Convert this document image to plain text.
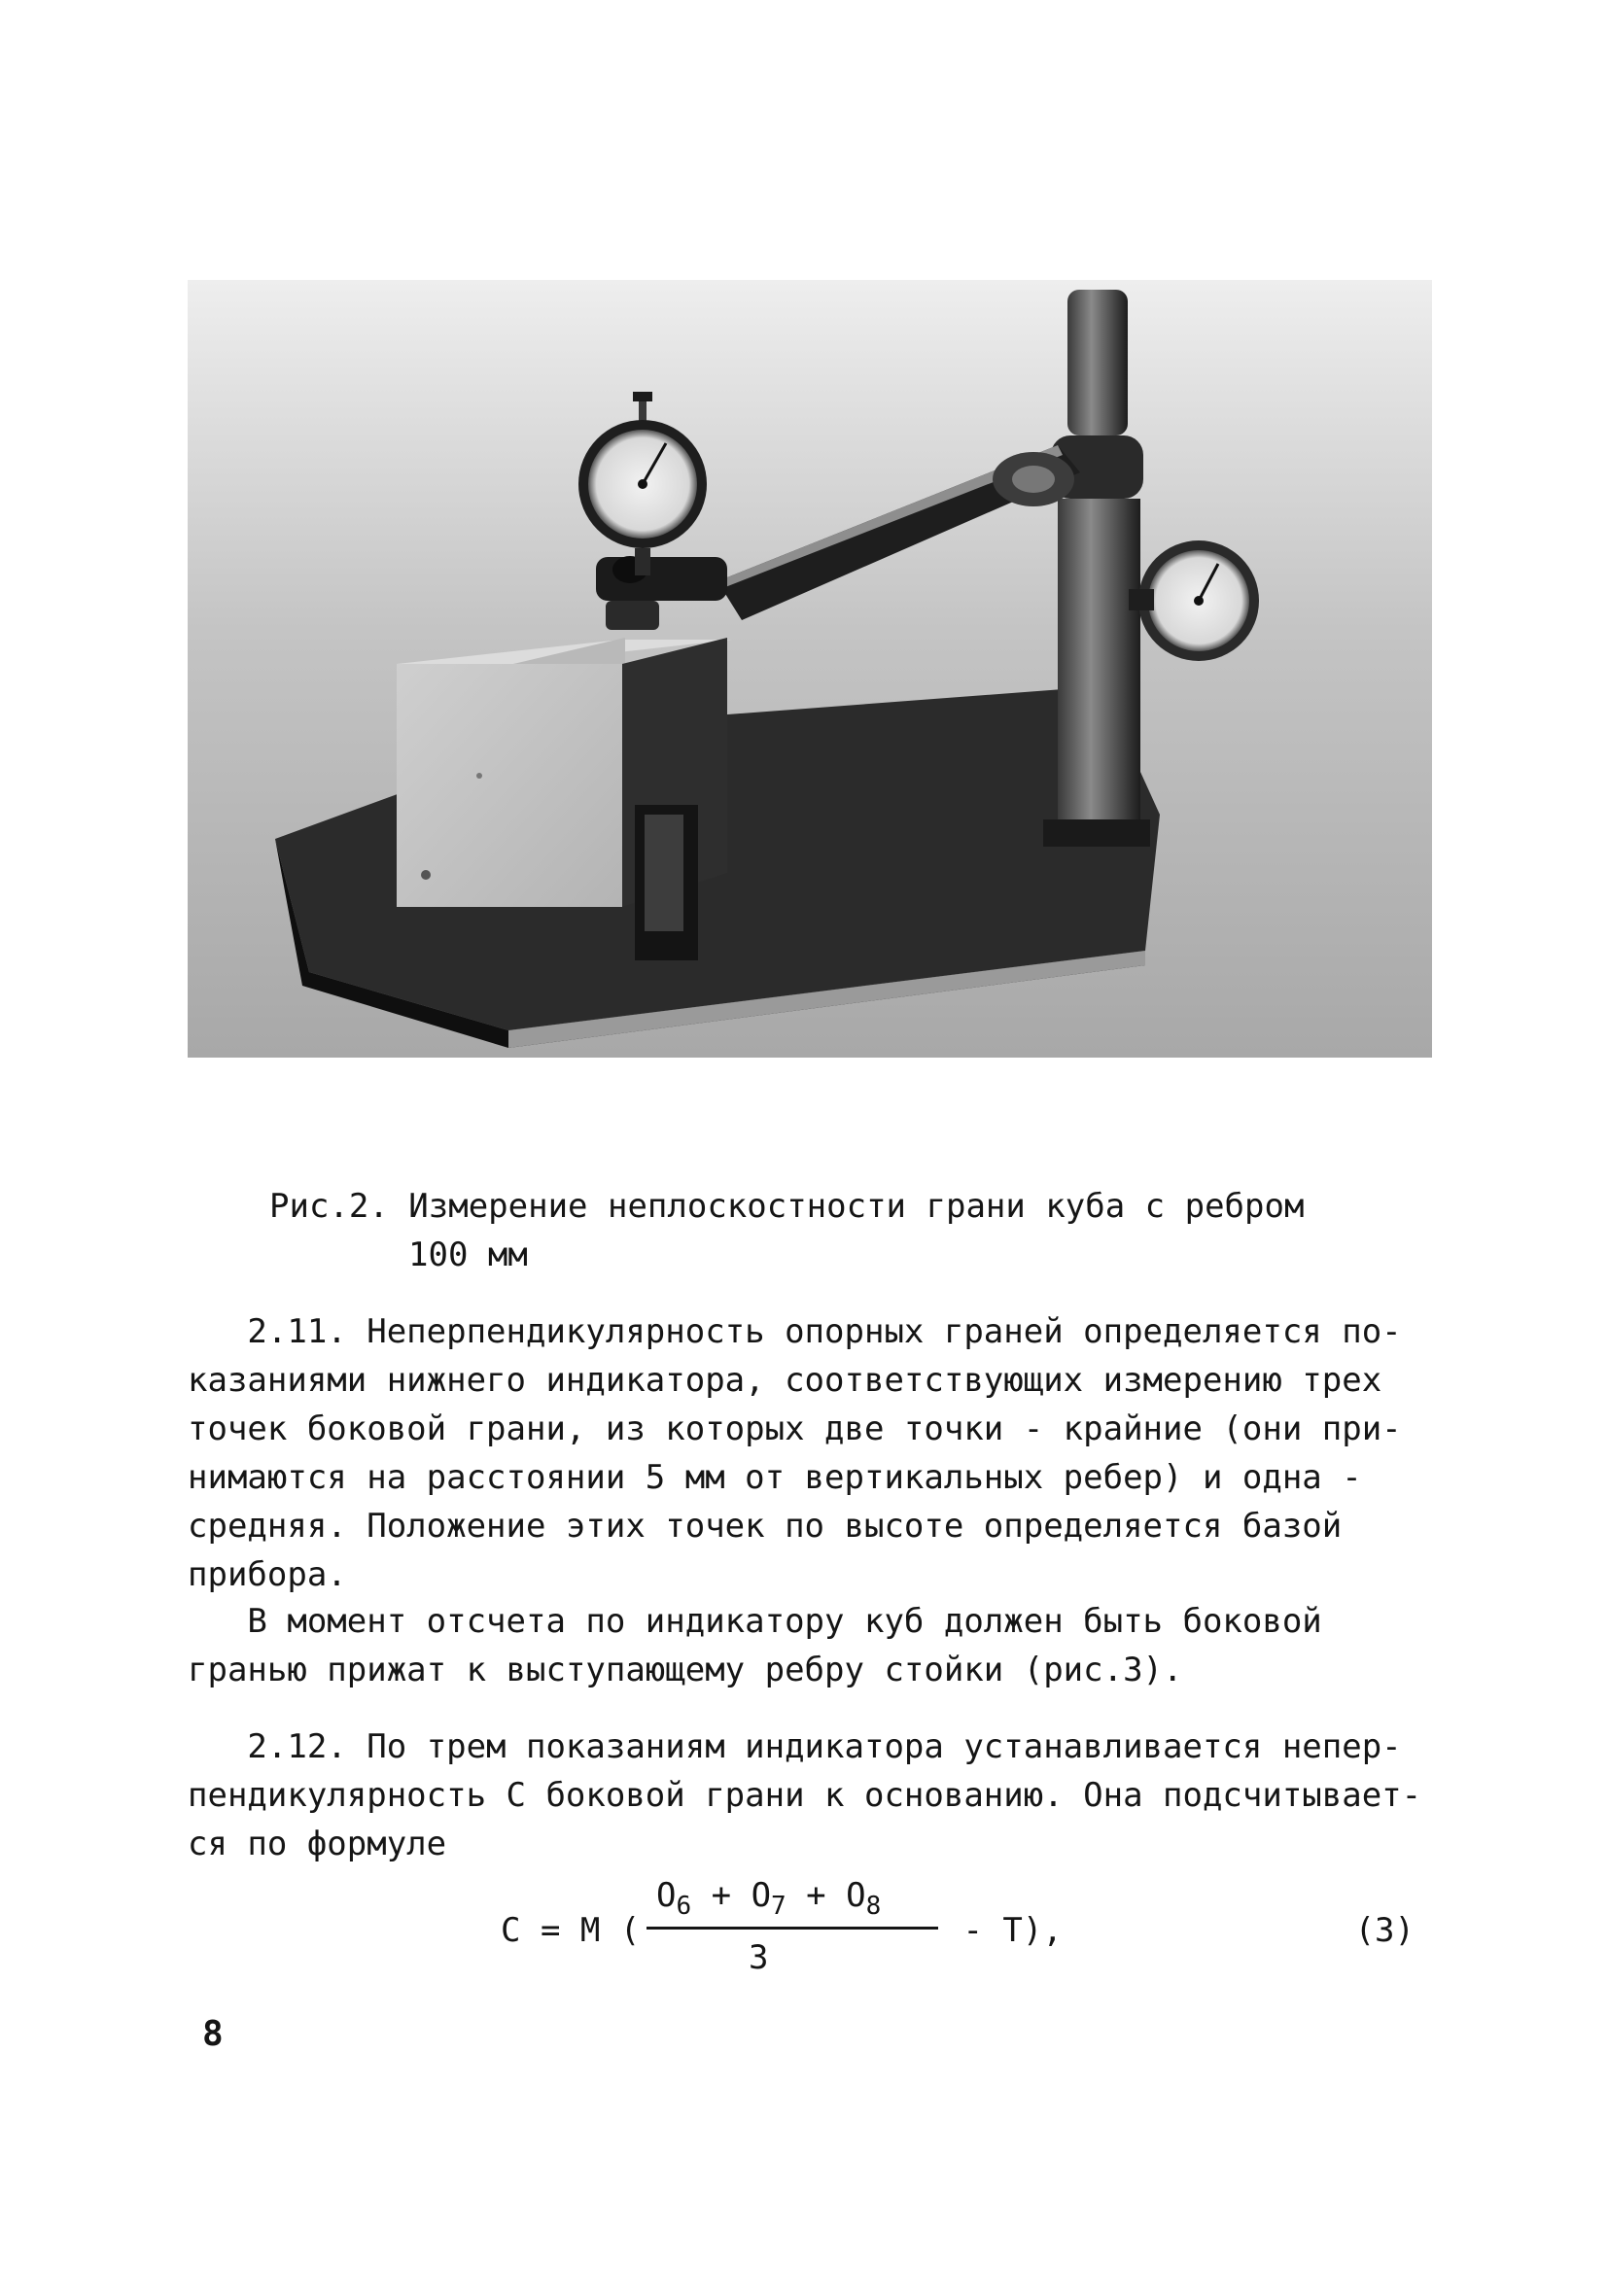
Рис.2. Измерение неплоскостности грани куба с ребром
100 мм
2.11. Неперпендикулярность опорных граней определяется по-
казаниями нижнего индикатора, соответствующих измерению трех
точек боковой грани, из которых две точки - крайние (они при-
нимаются на расстоянии 5 мм от вертикальных ребер) и одна -
средняя. Положение этих точек по высоте определяется базой
прибора.
В момент отсчета по индикатору куб должен быть боковой
гранью прижат к выступающему ребру стойки (рис.3).
2.12. По трем показаниям индикатора устанавливается непер-
пендикулярность С боковой грани к основанию. Она подсчитывает-
ся по формуле
С = М (
$О_6 + О_7 + О_8$
3
- Т),	(3)
8
